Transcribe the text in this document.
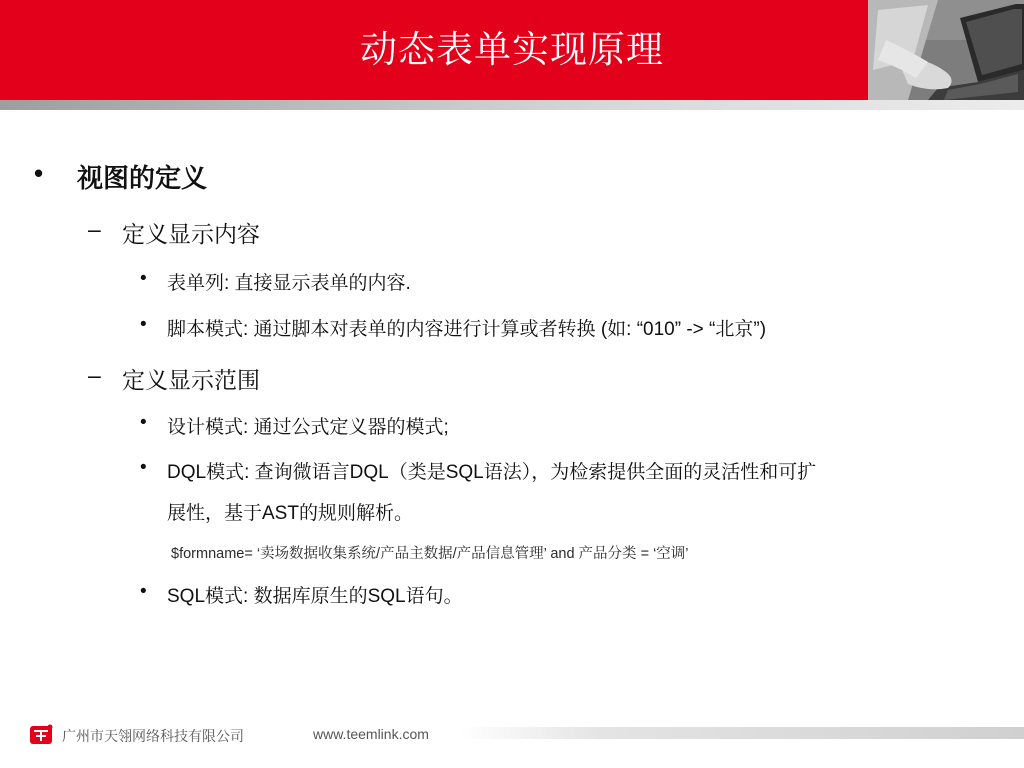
动态表单实现原理
• 视图的定义
– 定义显示内容
• 表单列: 直接显示表单的内容.
• 脚本模式: 通过脚本对表单的内容进行计算或者转换 (如: “010” -> “北京”)
– 定义显示范围
• 设计模式: 通过公式定义器的模式;
• DQL模式: 查询微语言DQL（类是SQL语法），为检索提供全面的灵活性和可扩
展性，基于AST的规则解析。
$formname= ‘卖场数据收集系统/产品主数据/产品信息管理’ and 产品分类 = ‘空调’
• SQL模式: 数据库原生的SQL语句。
广州市天翎网络科技有限公司	www.teemlink.com
